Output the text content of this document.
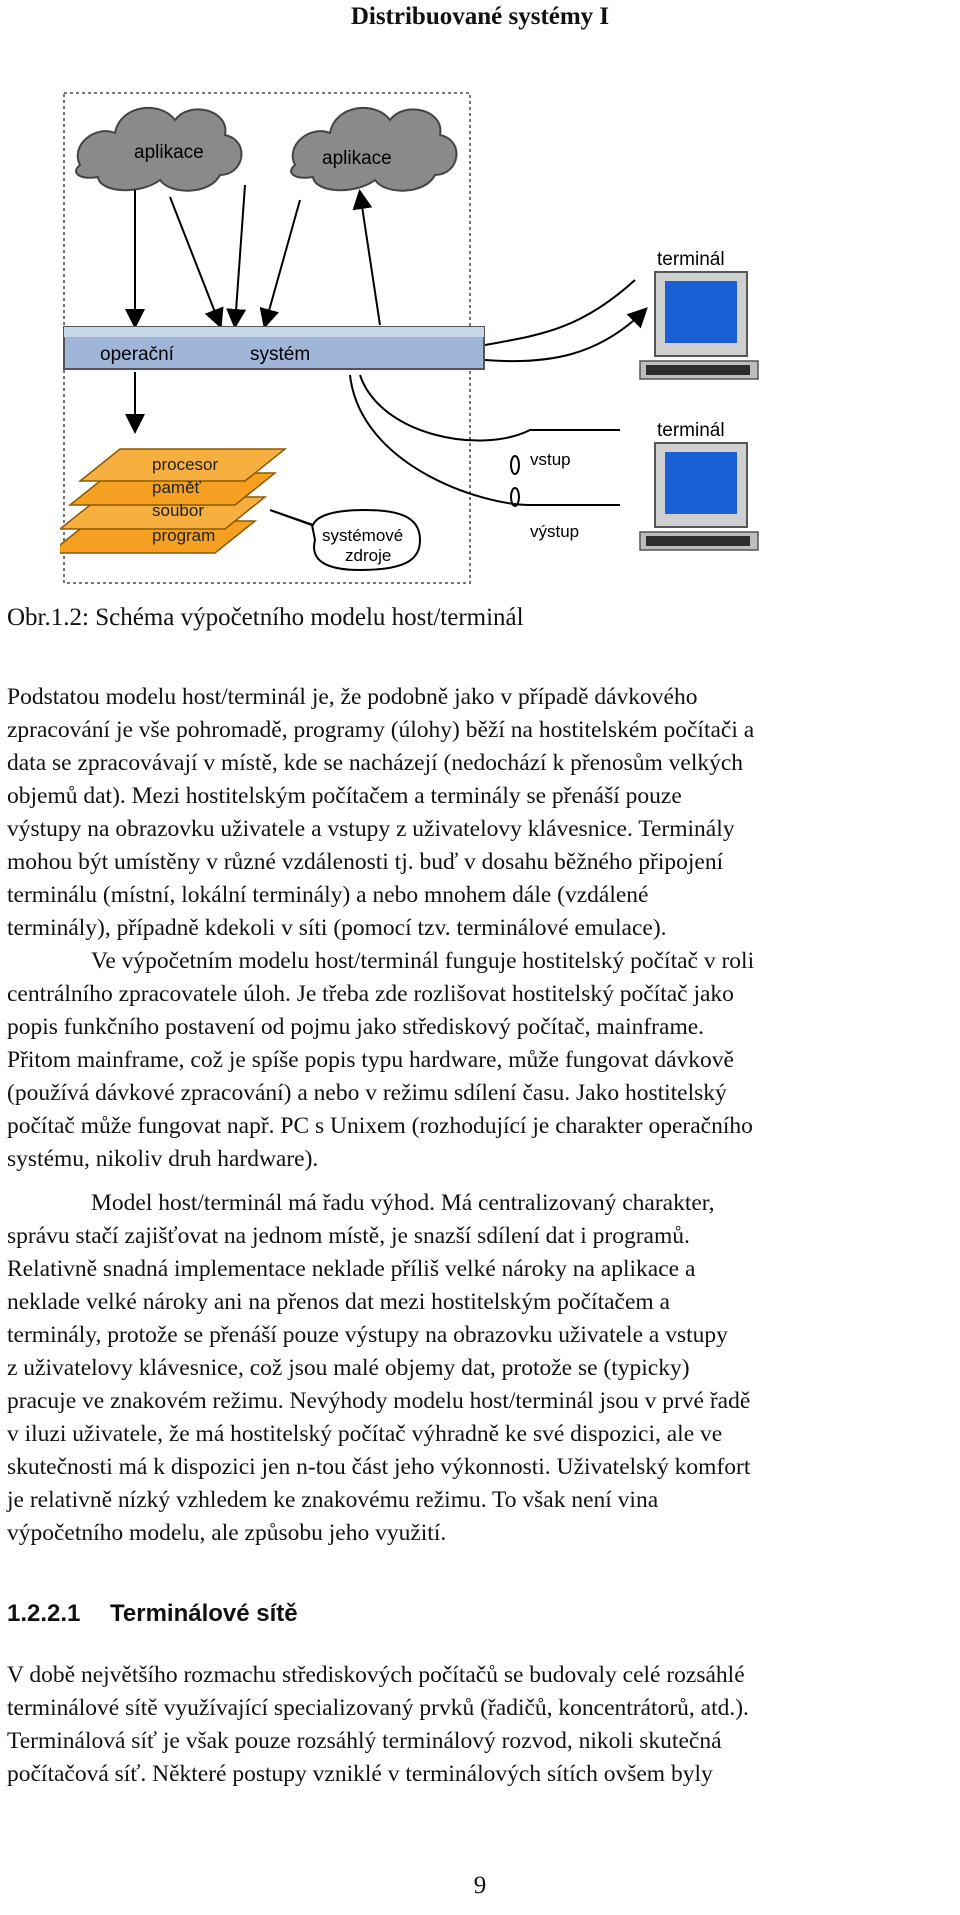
Distribuované systémy I
aplikace	aplikace
operační	systém
vstup
výstup
procesor
paměť
soubor
program	systémové
zdroje
terminál
terminál
Obr.1.2: Schéma výpočetního modelu host/terminál
Podstatou modelu host/terminál je, že podobně jako v případě dávkového
zpracování je vše pohromadě, programy (úlohy) běží na hostitelském počítači a
data se zpracovávají v místě, kde se nacházejí (nedochází k přenosům velkých
objemů dat). Mezi hostitelským počítačem a terminály se přenáší pouze
výstupy na obrazovku uživatele a vstupy z uživatelovy klávesnice. Terminály
mohou být umístěny v různé vzdálenosti tj. buď v dosahu běžného připojení
terminálu (místní, lokální terminály) a nebo mnohem dále (vzdálené
terminály), případně kdekoli v síti (pomocí tzv. terminálové emulace).
Ve výpočetním modelu host/terminál funguje hostitelský počítač v roli
centrálního zpracovatele úloh. Je třeba zde rozlišovat hostitelský počítač jako
popis funkčního postavení od pojmu jako střediskový počítač, mainframe.
Přitom mainframe, což je spíše popis typu hardware, může fungovat dávkově
(používá dávkové zpracování) a nebo v režimu sdílení času. Jako hostitelský
počítač může fungovat např. PC s Unixem (rozhodující je charakter operačního
systému, nikoliv druh hardware).
Model host/terminál má řadu výhod. Má centralizovaný charakter,
správu stačí zajišťovat na jednom místě, je snazší sdílení dat i programů.
Relativně snadná implementace neklade příliš velké nároky na aplikace a
neklade velké nároky ani na přenos dat mezi hostitelským počítačem a
terminály, protože se přenáší pouze výstupy na obrazovku uživatele a vstupy
z uživatelovy klávesnice, což jsou malé objemy dat, protože se (typicky)
pracuje ve znakovém režimu. Nevýhody modelu host/terminál jsou v prvé řadě
v iluzi uživatele, že má hostitelský počítač výhradně ke své dispozici, ale ve
skutečnosti má k dispozici jen n-tou část jeho výkonnosti. Uživatelský komfort
je relativně nízký vzhledem ke znakovému režimu. To však není vina
výpočetního modelu, ale způsobu jeho využití.
1.2.2.1 Terminálové sítě
V době největšího rozmachu střediskových počítačů se budovaly celé rozsáhlé
terminálové sítě využívající specializovaný prvků (řadičů, koncentrátorů, atd.).
Terminálová síť je však pouze rozsáhlý terminálový rozvod, nikoli skutečná
počítačová síť. Některé postupy vzniklé v terminálových sítích ovšem byly
9
